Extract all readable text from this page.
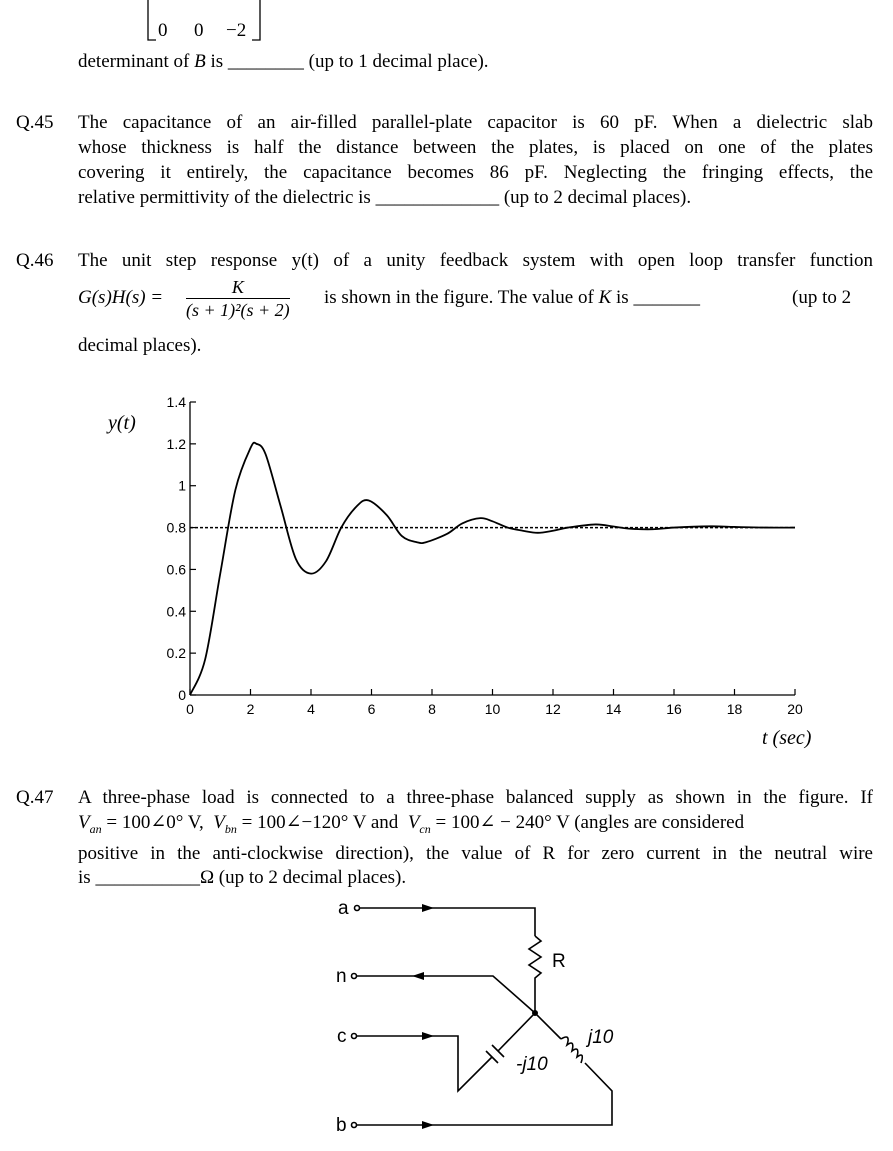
0 0 −2
determinant of B is ________ (up to 1 decimal place).
Q.45 The capacitance of an air-filled parallel-plate capacitor is 60 pF. When a dielectric slab
whose thickness is half the distance between the plates, is placed on one of the plates
covering it entirely, the capacitance becomes 86 pF. Neglecting the fringing effects, the
relative permittivity of the dielectric is _____________ (up to 2 decimal places).
Q.46 The unit step response y(t) of a unity feedback system with open loop transfer function
$G(s)H(s) = \frac{K}{\text{(s + 1)²(s + 2)}}$ is shown in the figure. The value of K is _______	(up to 2
decimal places).
0	2	4	6	8	10	12	14	16	18	20
0
0.2
0.4
0.6
0.8
1
1.2
1.4
y(t)
t (sec)
Q.47 A three-phase load is connected to a three-phase balanced supply as shown in the figure. If
$V_{an}$ = 100∠0° V, $V_{bn}$ = 100∠−120° V and $V_{cn}$ = 100∠ − 240° V (angles are considered
positive in the anti-clockwise direction), the value of R for zero current in the neutral wire
is ___________Ω (up to 2 decimal places).
a
n
c
b
R
j10
-j10
